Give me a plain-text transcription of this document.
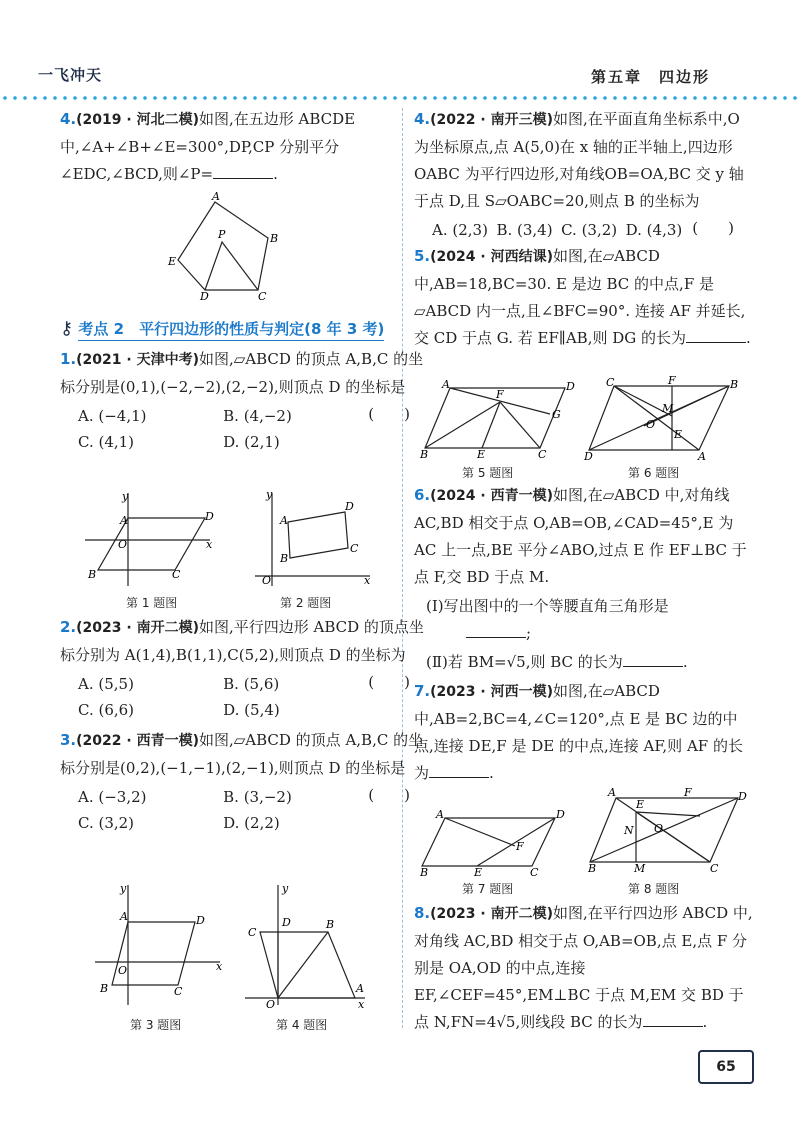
一飞冲天	第五章　四边形

4.(2019 · 河北二模)如图,在五边形 ABCDE 中,∠A+∠B+∠E=300°,DP,CP 分别平分∠EDC,∠BCD,则∠P=	.

A
B
C
D
E
P
⚷ 考点 2　平行四边形的性质与判定(8 年 3 考)

1.(2021 · 天津中考)如图,▱ABCD 的顶点 A,B,C 的坐标分别是(0,1),(−2,−2),(2,−2),则顶点 D 的坐标是
(　　)

A. (−4,1)	B. (4,−2)
C. (4,1)	D. (2,1)
A	D
B	C
O	x
y
第 1 题图
A
D
B
C
O	x
y
第 2 题图

2.(2023 · 南开二模)如图,平行四边形 ABCD 的顶点坐标分别为 A(1,4),B(1,1),C(5,2),则顶点 D 的坐标为
(　　)

A. (5,5)	B. (5,6)
C. (6,6)	D. (5,4)

3.(2022 · 西青一模)如图,▱ABCD 的顶点 A,B,C 的坐标分别是(0,2),(−1,−1),(2,−1),则顶点 D 的坐标是
(　　)

A. (−3,2)	B. (3,−2)
C. (3,2)	D. (2,2)
A	D
B	C
O	x
y
第 3 题图
C
B
D
A
O	x
y
第 4 题图

4.(2022 · 南开三模)如图,在平面直角坐标系中,O 为坐标原点,点 A(5,0)在 x 轴的正半轴上,四边形 OABC 为平行四边形,对角线OB=OA,BC 交 y 轴于点 D,且 S▱OABC=20,则点 B 的坐标为
(　　)

A. (2,3) B. (3,4) C. (3,2) D. (4,3)

5.(2024 · 河西结课)如图,在▱ABCD 中,AB=18,BC=30. E 是边 BC 的中点,F 是▱ABCD 内一点,且∠BFC=90°. 连接 AF 并延长,交 CD 于点 G. 若 EF∥AB,则 DG 的长为	.

A	D
B	E	C
F
G
第 5 题图
C	F	B
D	A
M
O
E
第 6 题图

6.(2024 · 西青一模)如图,在▱ABCD 中,对角线 AC,BD 相交于点 O,AB=OB,∠CAD=45°,E 为 AC 上一点,BE 平分∠ABO,过点 E 作 EF⊥BC 于点 F,交 BD 于点 M.

(Ⅰ)写出图中的一个等腰直角三角形是
;

(Ⅱ)若 BM=√5,则 BC 的长为	.

7.(2023 · 河西一模)如图,在▱ABCD 中,AB=2,BC=4,∠C=120°,点 E 是 BC 边的中点,连接 DE,F 是 DE 的中点,连接 AF,则 AF 的长为	.

A	D
B	E	C
F
第 7 题图
A
E
F	D
B	M	C
N O
第 8 题图

8.(2023 · 南开二模)如图,在平行四边形 ABCD 中,对角线 AC,BD 相交于点 O,AB=OB,点 E,点 F 分别是 OA,OD 的中点,连接 EF,∠CEF=45°,EM⊥BC 于点 M,EM 交 BD 于点 N,FN=4√5,则线段 BC 的长为	.

65
